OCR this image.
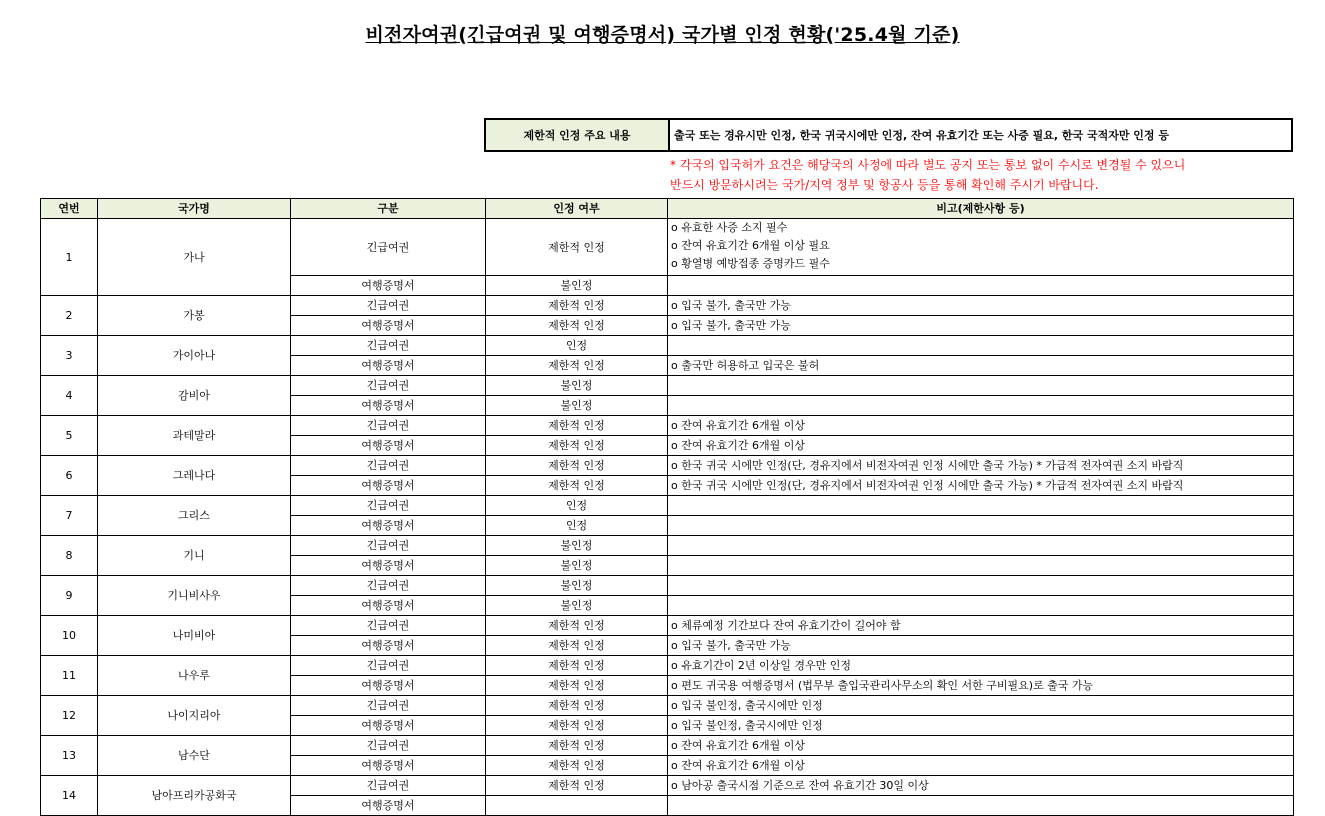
비전자여권(긴급여권 및 여행증명서) 국가별 인정 현황('25.4월 기준)
제한적 인정 주요 내용	출국 또는 경유시만 인정, 한국 귀국시에만 인정, 잔여 유효기간 또는 사증 필요, 한국 국적자만 인정 등
* 각국의 입국허가 요건은 해당국의 사정에 따라 별도 공지 또는 통보 없이 수시로 변경될 수 있으니
반드시 방문하시려는 국가/지역 정부 및 항공사 등을 통해 확인해 주시기 바랍니다.
연번	국가명	구분	인정 여부	비고(제한사항 등)
1	가나	긴급여권	제한적 인정	o 유효한 사증 소지 필수
o 잔여 유효기간 6개월 이상 필요
o 황열병 예방접종 증명카드 필수

		여행증명서	불인정	
2	가봉	긴급여권	제한적 인정	o 입국 불가, 출국만 가능
		여행증명서	제한적 인정	o 입국 불가, 출국만 가능
3	가이아나	긴급여권	인정	
		여행증명서	제한적 인정	o 출국만 허용하고 입국은 불허
4	감비아	긴급여권	불인정	
		여행증명서	불인정	
5	과테말라	긴급여권	제한적 인정	o 잔여 유효기간 6개월 이상
		여행증명서	제한적 인정	o 잔여 유효기간 6개월 이상
6	그레나다	긴급여권	제한적 인정	o 한국 귀국 시에만 인정(단, 경유지에서 비전자여권 인정 시에만 출국 가능) * 가급적 전자여권 소지 바람직
		여행증명서	제한적 인정	o 한국 귀국 시에만 인정(단, 경유지에서 비전자여권 인정 시에만 출국 가능) * 가급적 전자여권 소지 바람직
7	그리스	긴급여권	인정	
		여행증명서	인정	
8	기니	긴급여권	불인정	
		여행증명서	불인정	
9	기니비사우	긴급여권	불인정	
		여행증명서	불인정	
10	나미비아	긴급여권	제한적 인정	o 체류예정 기간보다 잔여 유효기간이 길어야 함
		여행증명서	제한적 인정	o 입국 불가, 출국만 가능
11	나우루	긴급여권	제한적 인정	o 유효기간이 2년 이상일 경우만 인정
		여행증명서	제한적 인정	o 편도 귀국용 여행증명서 (법무부 출입국관리사무소의 확인 서한 구비필요)로 출국 가능
12	나이지리아	긴급여권	제한적 인정	o 입국 불인정, 출국시에만 인정
		여행증명서	제한적 인정	o 입국 불인정, 출국시에만 인정
13	남수단	긴급여권	제한적 인정	o 잔여 유효기간 6개월 이상
		여행증명서	제한적 인정	o 잔여 유효기간 6개월 이상
14	남아프리카공화국	긴급여권	제한적 인정	o 남아공 출국시점 기준으로 잔여 유효기간 30일 이상
		여행증명서		
